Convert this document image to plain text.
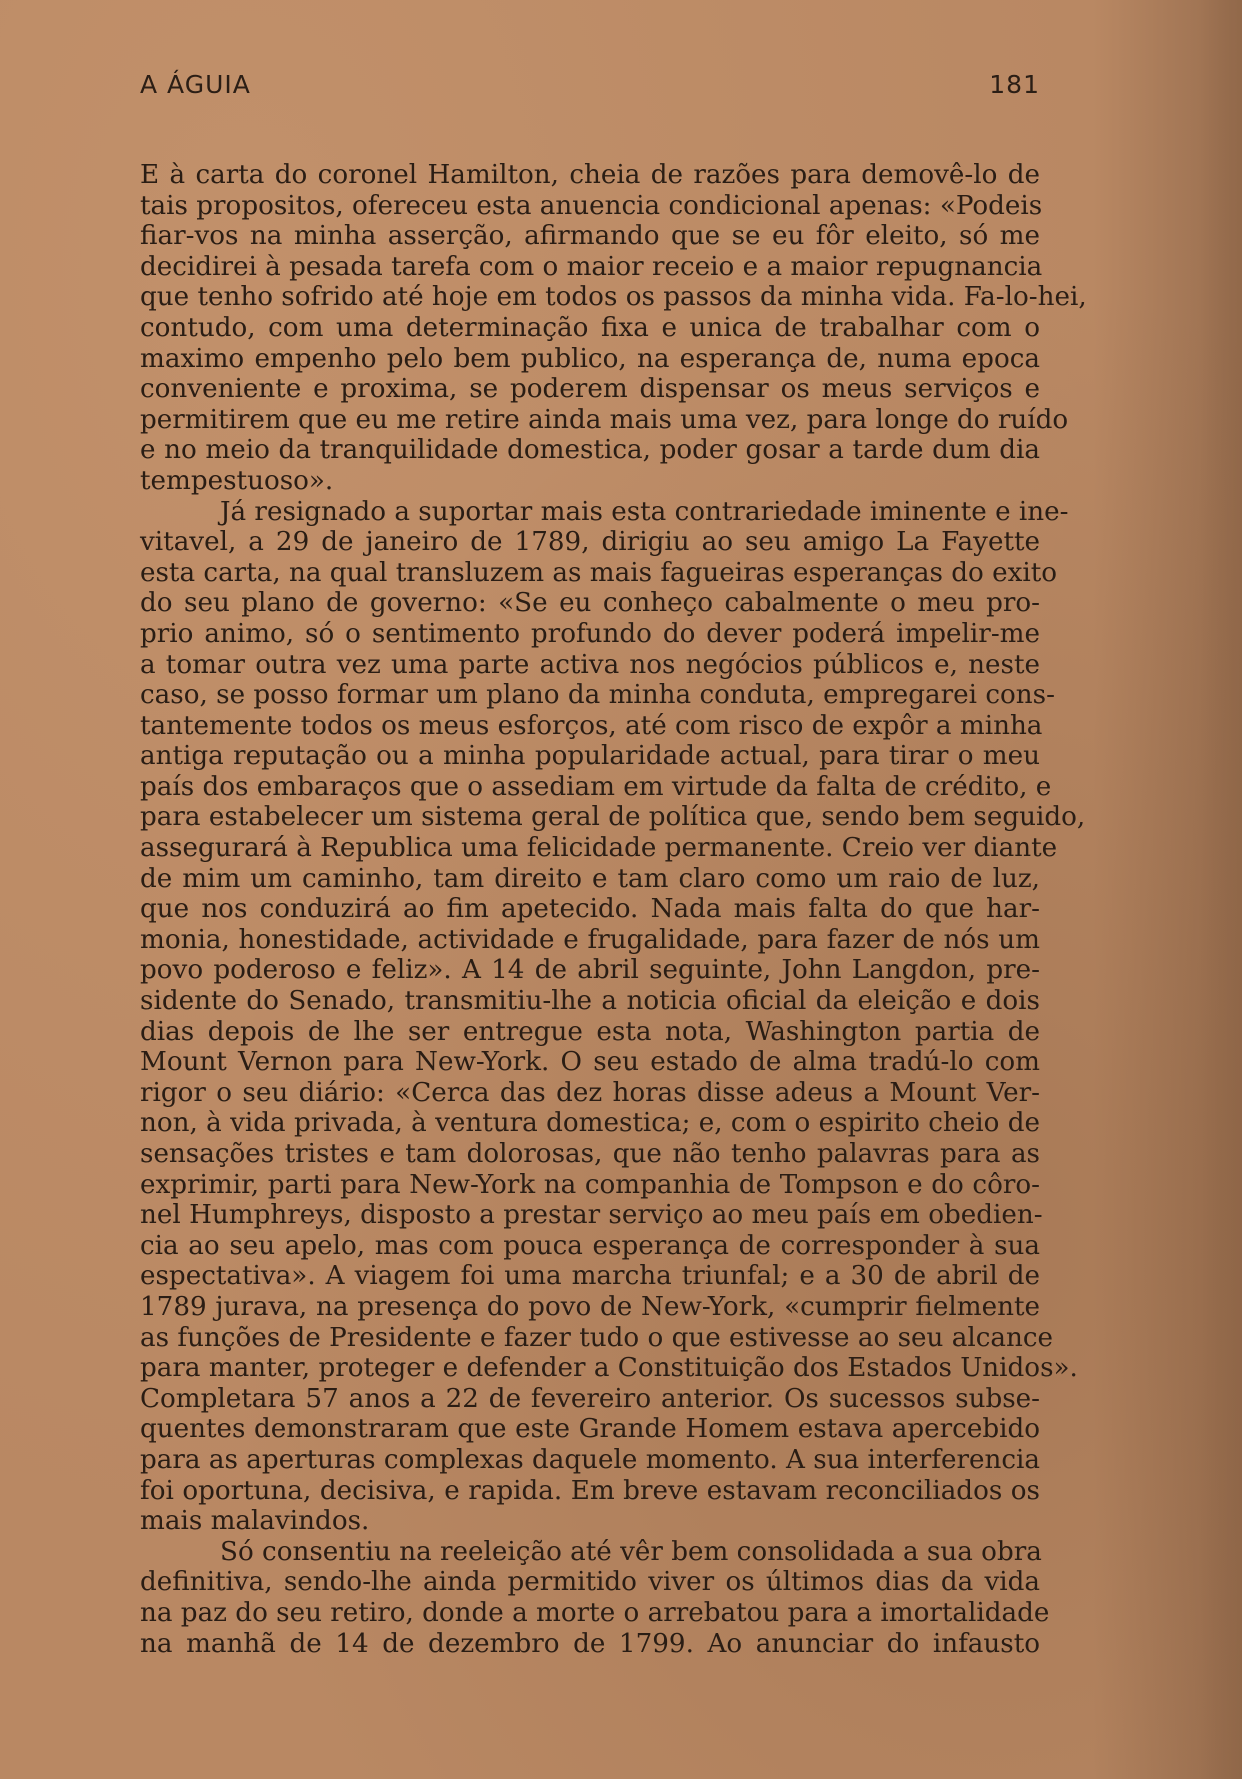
A ÁGUIA	181
E à carta do coronel Hamilton, cheia de razões para demovê-lo de
tais propositos, ofereceu esta anuencia condicional apenas: «Podeis
fiar-vos na minha asserção, afirmando que se eu fôr eleito, só me
decidirei à pesada tarefa com o maior receio e a maior repugnancia
que tenho sofrido até hoje em todos os passos da minha vida. Fa-lo-hei,
contudo, com uma determinação fixa e unica de trabalhar com o
maximo empenho pelo bem publico, na esperança de, numa epoca
conveniente e proxima, se poderem dispensar os meus serviços e
permitirem que eu me retire ainda mais uma vez, para longe do ruído
e no meio da tranquilidade domestica, poder gosar a tarde dum dia
tempestuoso».
Já resignado a suportar mais esta contrariedade iminente e ine-
vitavel, a 29 de janeiro de 1789, dirigiu ao seu amigo La Fayette
esta carta, na qual transluzem as mais fagueiras esperanças do exito
do seu plano de governo: «Se eu conheço cabalmente o meu pro-
prio animo, só o sentimento profundo do dever poderá impelir-me
a tomar outra vez uma parte activa nos negócios públicos e, neste
caso, se posso formar um plano da minha conduta, empregarei cons-
tantemente todos os meus esforços, até com risco de expôr a minha
antiga reputação ou a minha popularidade actual, para tirar o meu
país dos embaraços que o assediam em virtude da falta de crédito, e
para estabelecer um sistema geral de política que, sendo bem seguido,
assegurará à Republica uma felicidade permanente. Creio ver diante
de mim um caminho, tam direito e tam claro como um raio de luz,
que nos conduzirá ao fim apetecido. Nada mais falta do que har-
monia, honestidade, actividade e frugalidade, para fazer de nós um
povo poderoso e feliz». A 14 de abril seguinte, John Langdon, pre-
sidente do Senado, transmitiu-lhe a noticia oficial da eleição e dois
dias depois de lhe ser entregue esta nota, Washington partia de
Mount Vernon para New-York. O seu estado de alma tradú-lo com
rigor o seu diário: «Cerca das dez horas disse adeus a Mount Ver-
non, à vida privada, à ventura domestica; e, com o espirito cheio de
sensações tristes e tam dolorosas, que não tenho palavras para as
exprimir, parti para New-York na companhia de Tompson e do côro-
nel Humphreys, disposto a prestar serviço ao meu país em obedien-
cia ao seu apelo, mas com pouca esperança de corresponder à sua
espectativa». A viagem foi uma marcha triunfal; e a 30 de abril de
1789 jurava, na presença do povo de New-York, «cumprir fielmente
as funções de Presidente e fazer tudo o que estivesse ao seu alcance
para manter, proteger e defender a Constituição dos Estados Unidos».
Completara 57 anos a 22 de fevereiro anterior. Os sucessos subse-
quentes demonstraram que este Grande Homem estava apercebido
para as aperturas complexas daquele momento. A sua interferencia
foi oportuna, decisiva, e rapida. Em breve estavam reconciliados os
mais malavindos.
Só consentiu na reeleição até vêr bem consolidada a sua obra
definitiva, sendo-lhe ainda permitido viver os últimos dias da vida
na paz do seu retiro, donde a morte o arrebatou para a imortalidade
na manhã de 14 de dezembro de 1799. Ao anunciar do infausto
